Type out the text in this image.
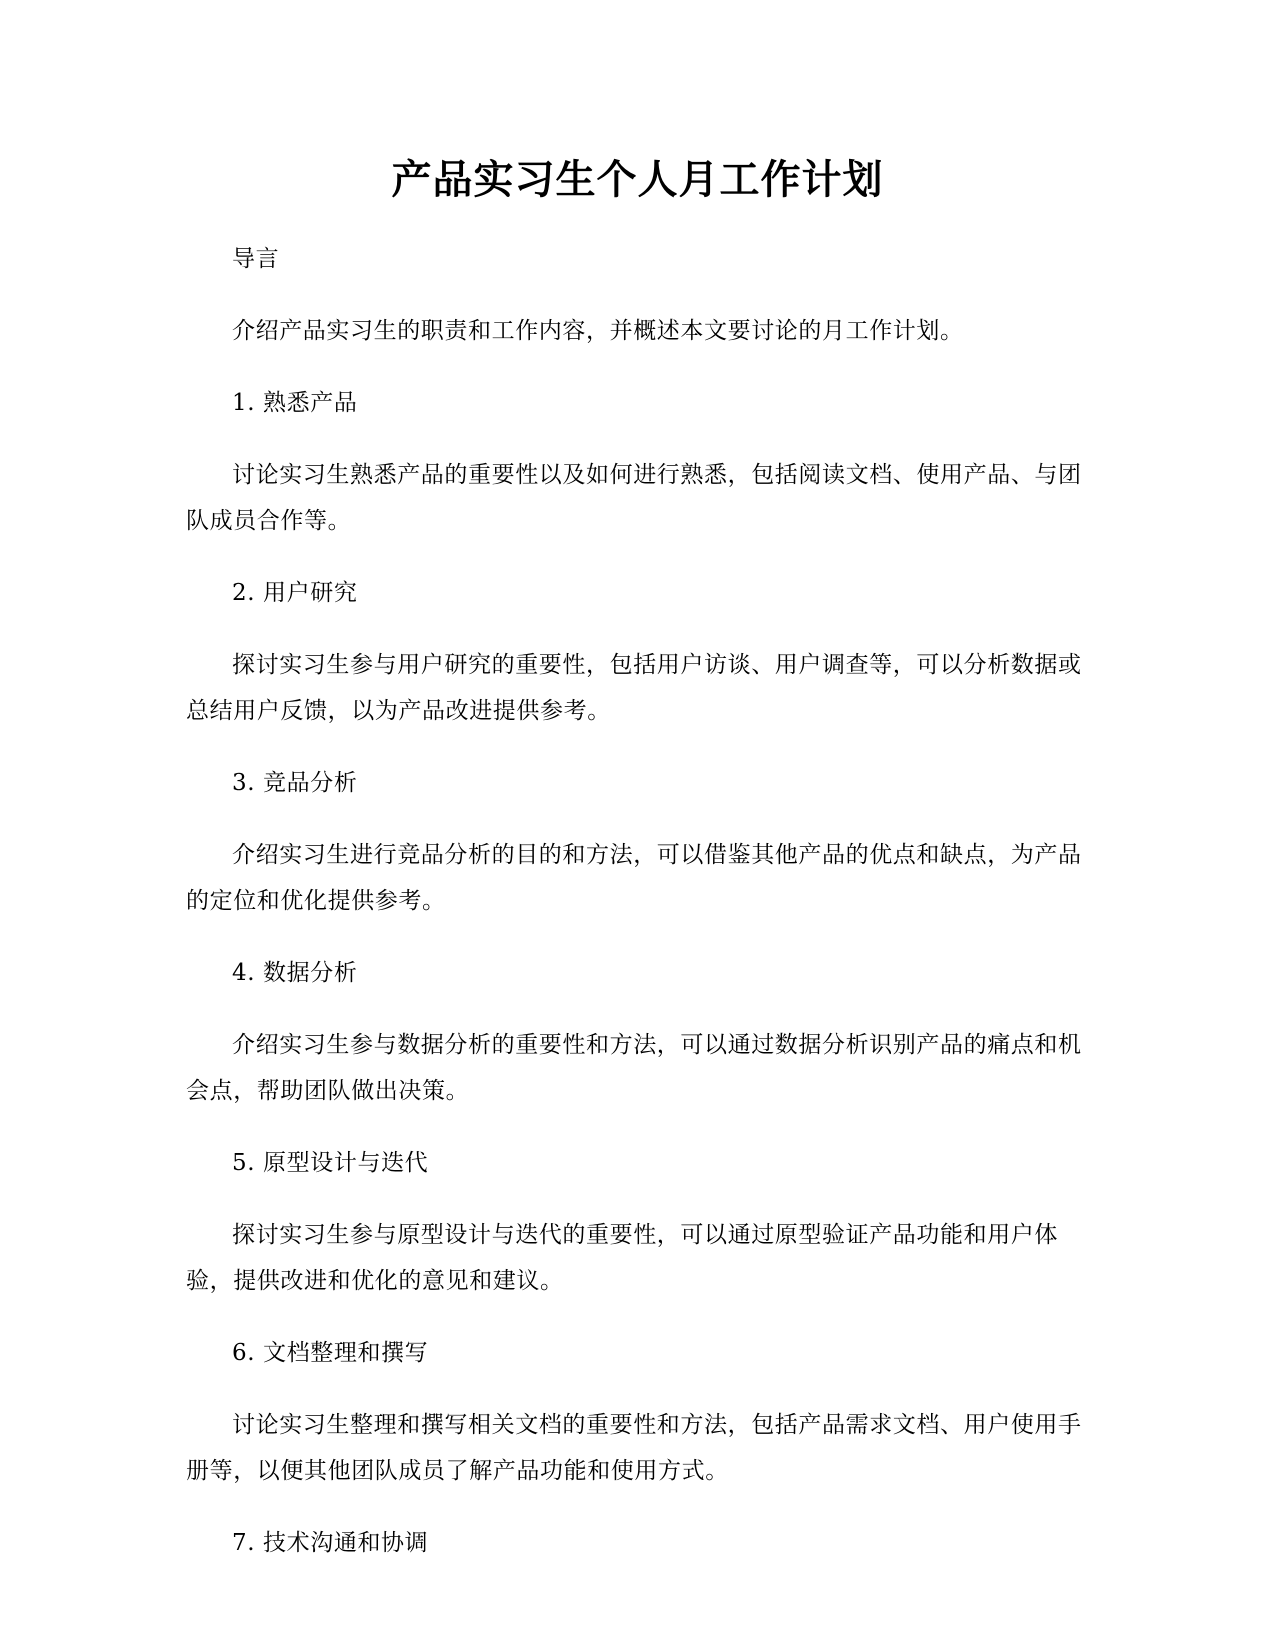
产品实习生个人月工作计划

导言

介绍产品实习生的职责和工作内容，并概述本文要讨论的月工作计划。

1. 熟悉产品

讨论实习生熟悉产品的重要性以及如何进行熟悉，包括阅读文档、使用产品、与团队成员合作等。

2. 用户研究

探讨实习生参与用户研究的重要性，包括用户访谈、用户调查等，可以分析数据或总结用户反馈，以为产品改进提供参考。

3. 竞品分析

介绍实习生进行竞品分析的目的和方法，可以借鉴其他产品的优点和缺点，为产品的定位和优化提供参考。

4. 数据分析

介绍实习生参与数据分析的重要性和方法，可以通过数据分析识别产品的痛点和机会点，帮助团队做出决策。

5. 原型设计与迭代

探讨实习生参与原型设计与迭代的重要性，可以通过原型验证产品功能和用户体验，提供改进和优化的意见和建议。

6. 文档整理和撰写

讨论实习生整理和撰写相关文档的重要性和方法，包括产品需求文档、用户使用手册等，以便其他团队成员了解产品功能和使用方式。

7. 技术沟通和协调
